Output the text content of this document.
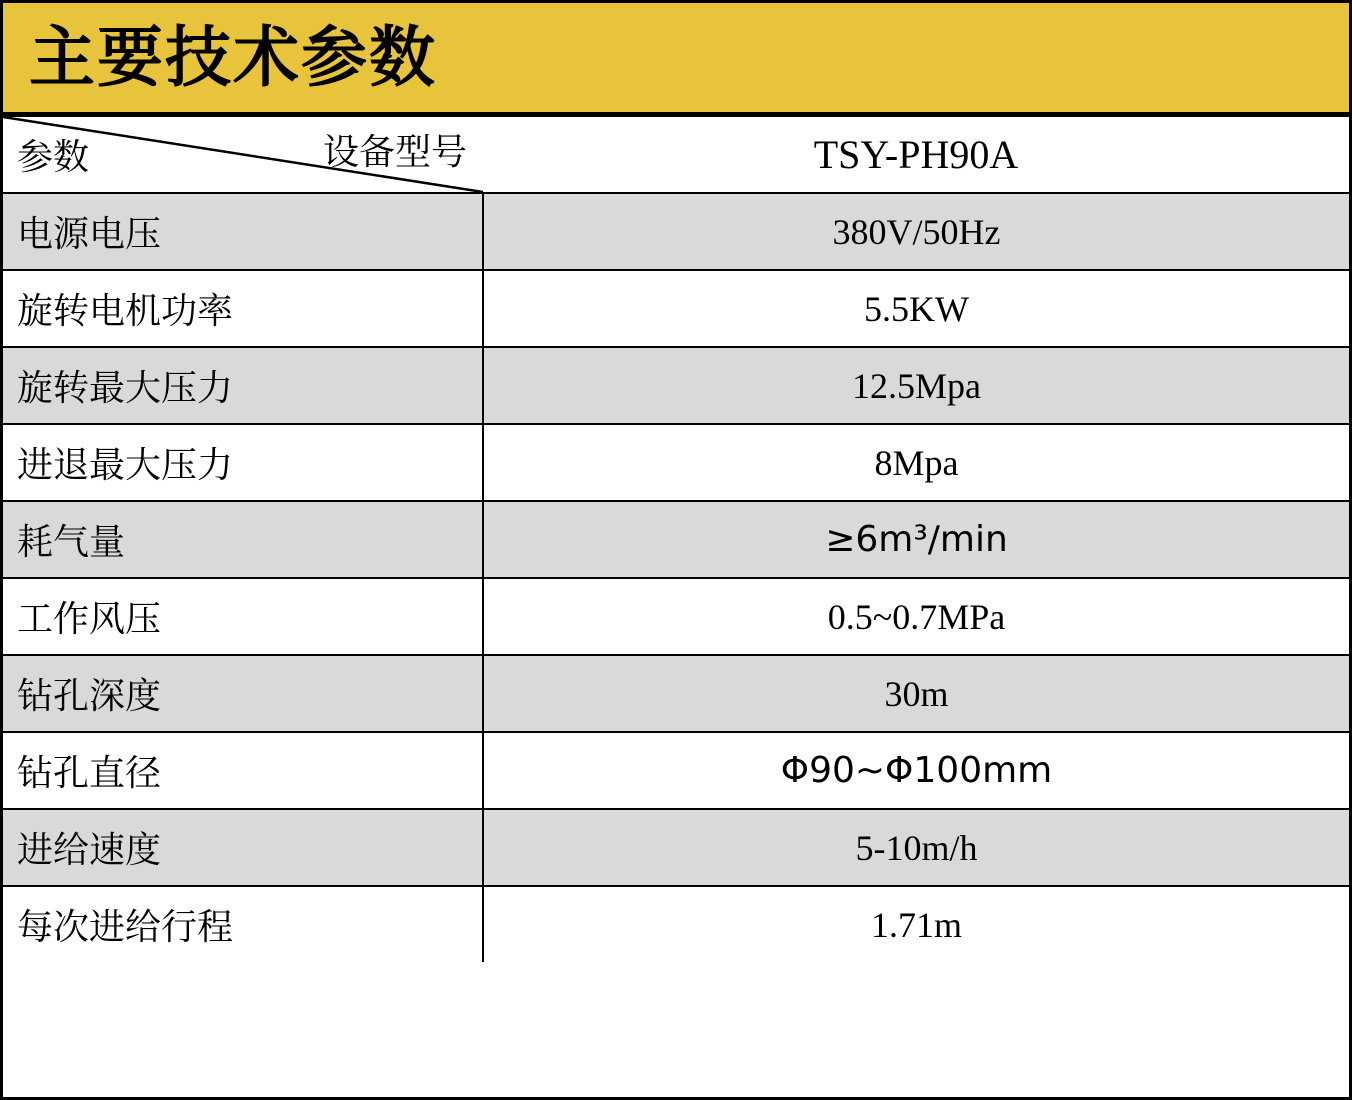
主要技术参数
设备型号
参数	TSY-PH90A
电源电压	380V/50Hz
旋转电机功率	5.5KW
旋转最大压力	12.5Mpa
进退最大压力	8Mpa
耗气量	≥6m³/min
工作风压	0.5~0.7MPa
钻孔深度	30m
钻孔直径	Φ90~Φ100mm
进给速度	5-10m/h
每次进给行程	1.71m
